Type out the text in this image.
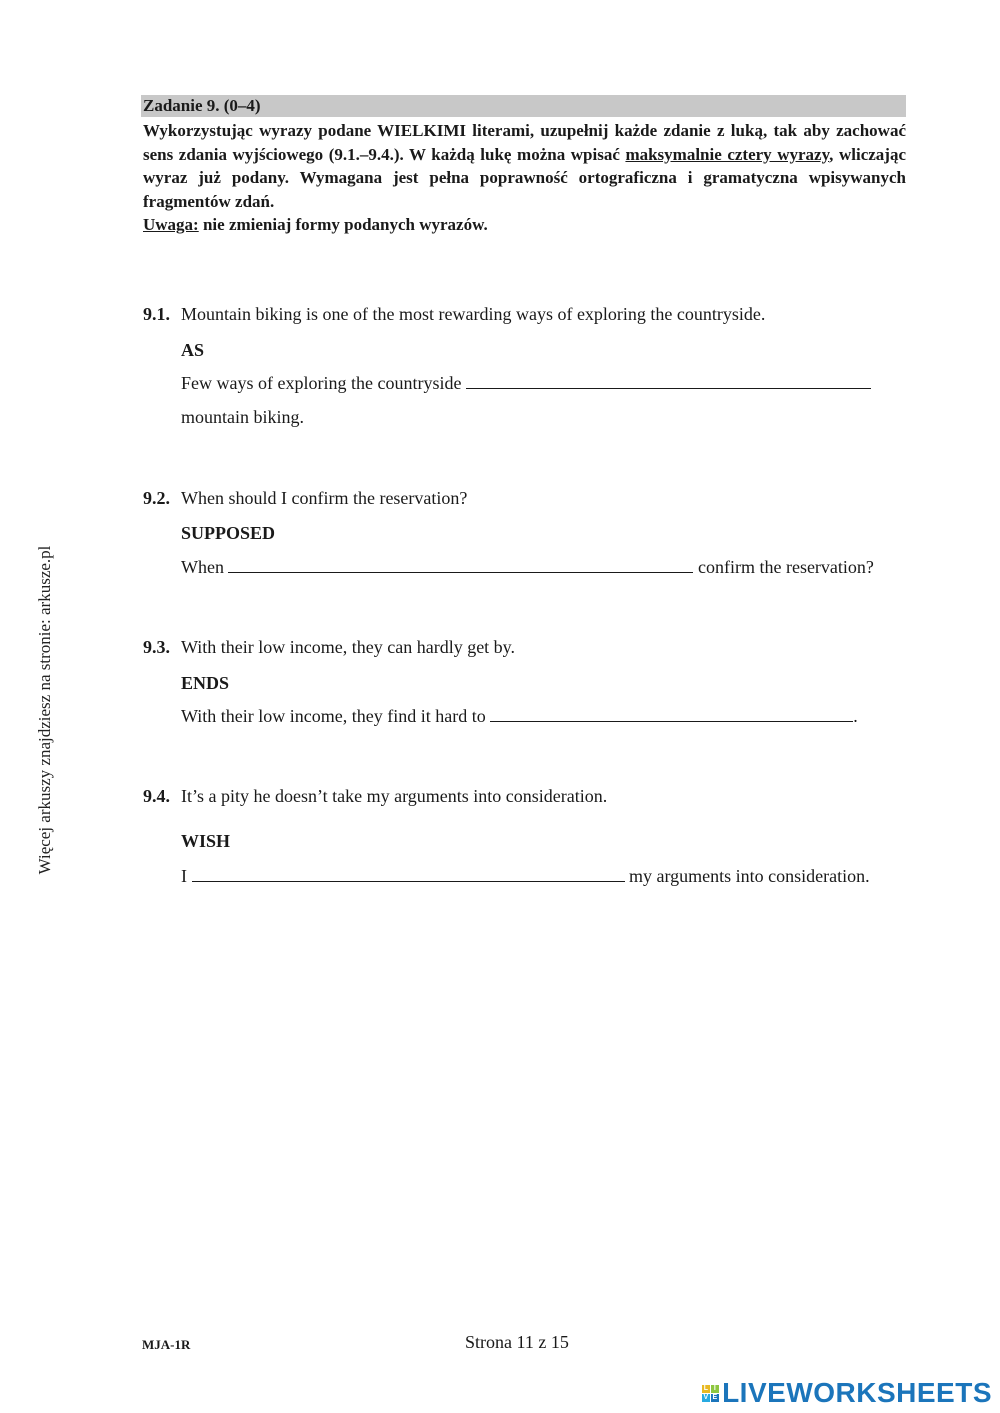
Zadanie 9. (0–4)

Wykorzystując wyrazy podane WIELKIMI literami, uzupełnij każde zdanie z luką, tak aby zachować sens zdania wyjściowego (9.1.–9.4.). W każdą lukę można wpisać maksymalnie cztery wyrazy, wliczając wyraz już podany. Wymagana jest pełna poprawność ortograficzna i gramatyczna wpisywanych fragmentów zdań.

Uwaga: nie zmieniaj formy podanych wyrazów.

9.1. Mountain biking is one of the most rewarding ways of exploring the countryside.
AS
Few ways of exploring the countryside
mountain biking.
9.2. When should I confirm the reservation?
SUPPOSED
When	confirm the reservation?
9.3. With their low income, they can hardly get by.
ENDS
With their low income, they find it hard to	.
9.4. It’s a pity he doesn’t take my arguments into consideration.
WISH
I	my arguments into consideration.
Więcej arkuszy znajdziesz na stronie: arkusze.pl
MJA-1R	Strona 11 z 15
L I
V E LIVEWORKSHEETS
